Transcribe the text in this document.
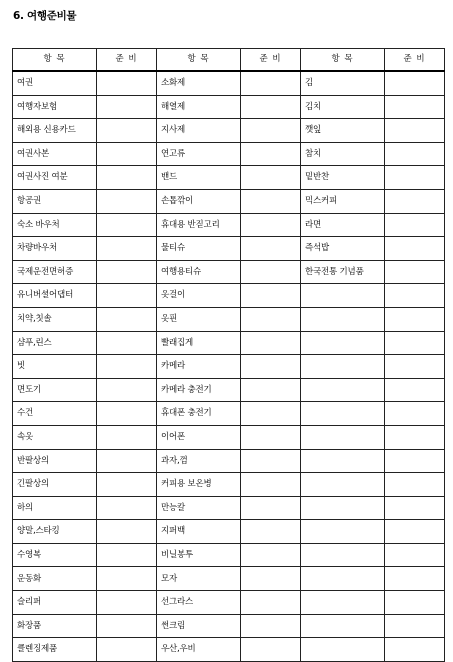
6. 여행준비물
항 목	준 비	항 목	준 비	항 목	준 비
여권		소화제		김	
여행자보험		해열제		김치	
해외용 신용카드		지사제		깻잎	
여권사본		연고류		참치	
여권사진 여분		밴드		밑반찬	
항공권		손톱깎이		믹스커피	
숙소 바우처		휴대용 반짇고리		라면	
차량바우처		물티슈		즉석밥	
국제운전면허증		여행용티슈		한국전통 기념품	
유니버셜어댑터		옷걸이			
치약,칫솔		옷핀			
샴푸,린스		빨래집게			
빗		카메라			
면도기		카메라 충전기			
수건		휴대폰 충전기			
속옷		이어폰			
반팔상의		과자,껌			
긴팔상의		커피용 보온병			
하의		만능칼			
양말,스타킹		지퍼백			
수영복		비닐봉투			
운동화		모자			
슬리퍼		선그라스			
화장품		썬크림			
클렌징제품		우산,우비			
